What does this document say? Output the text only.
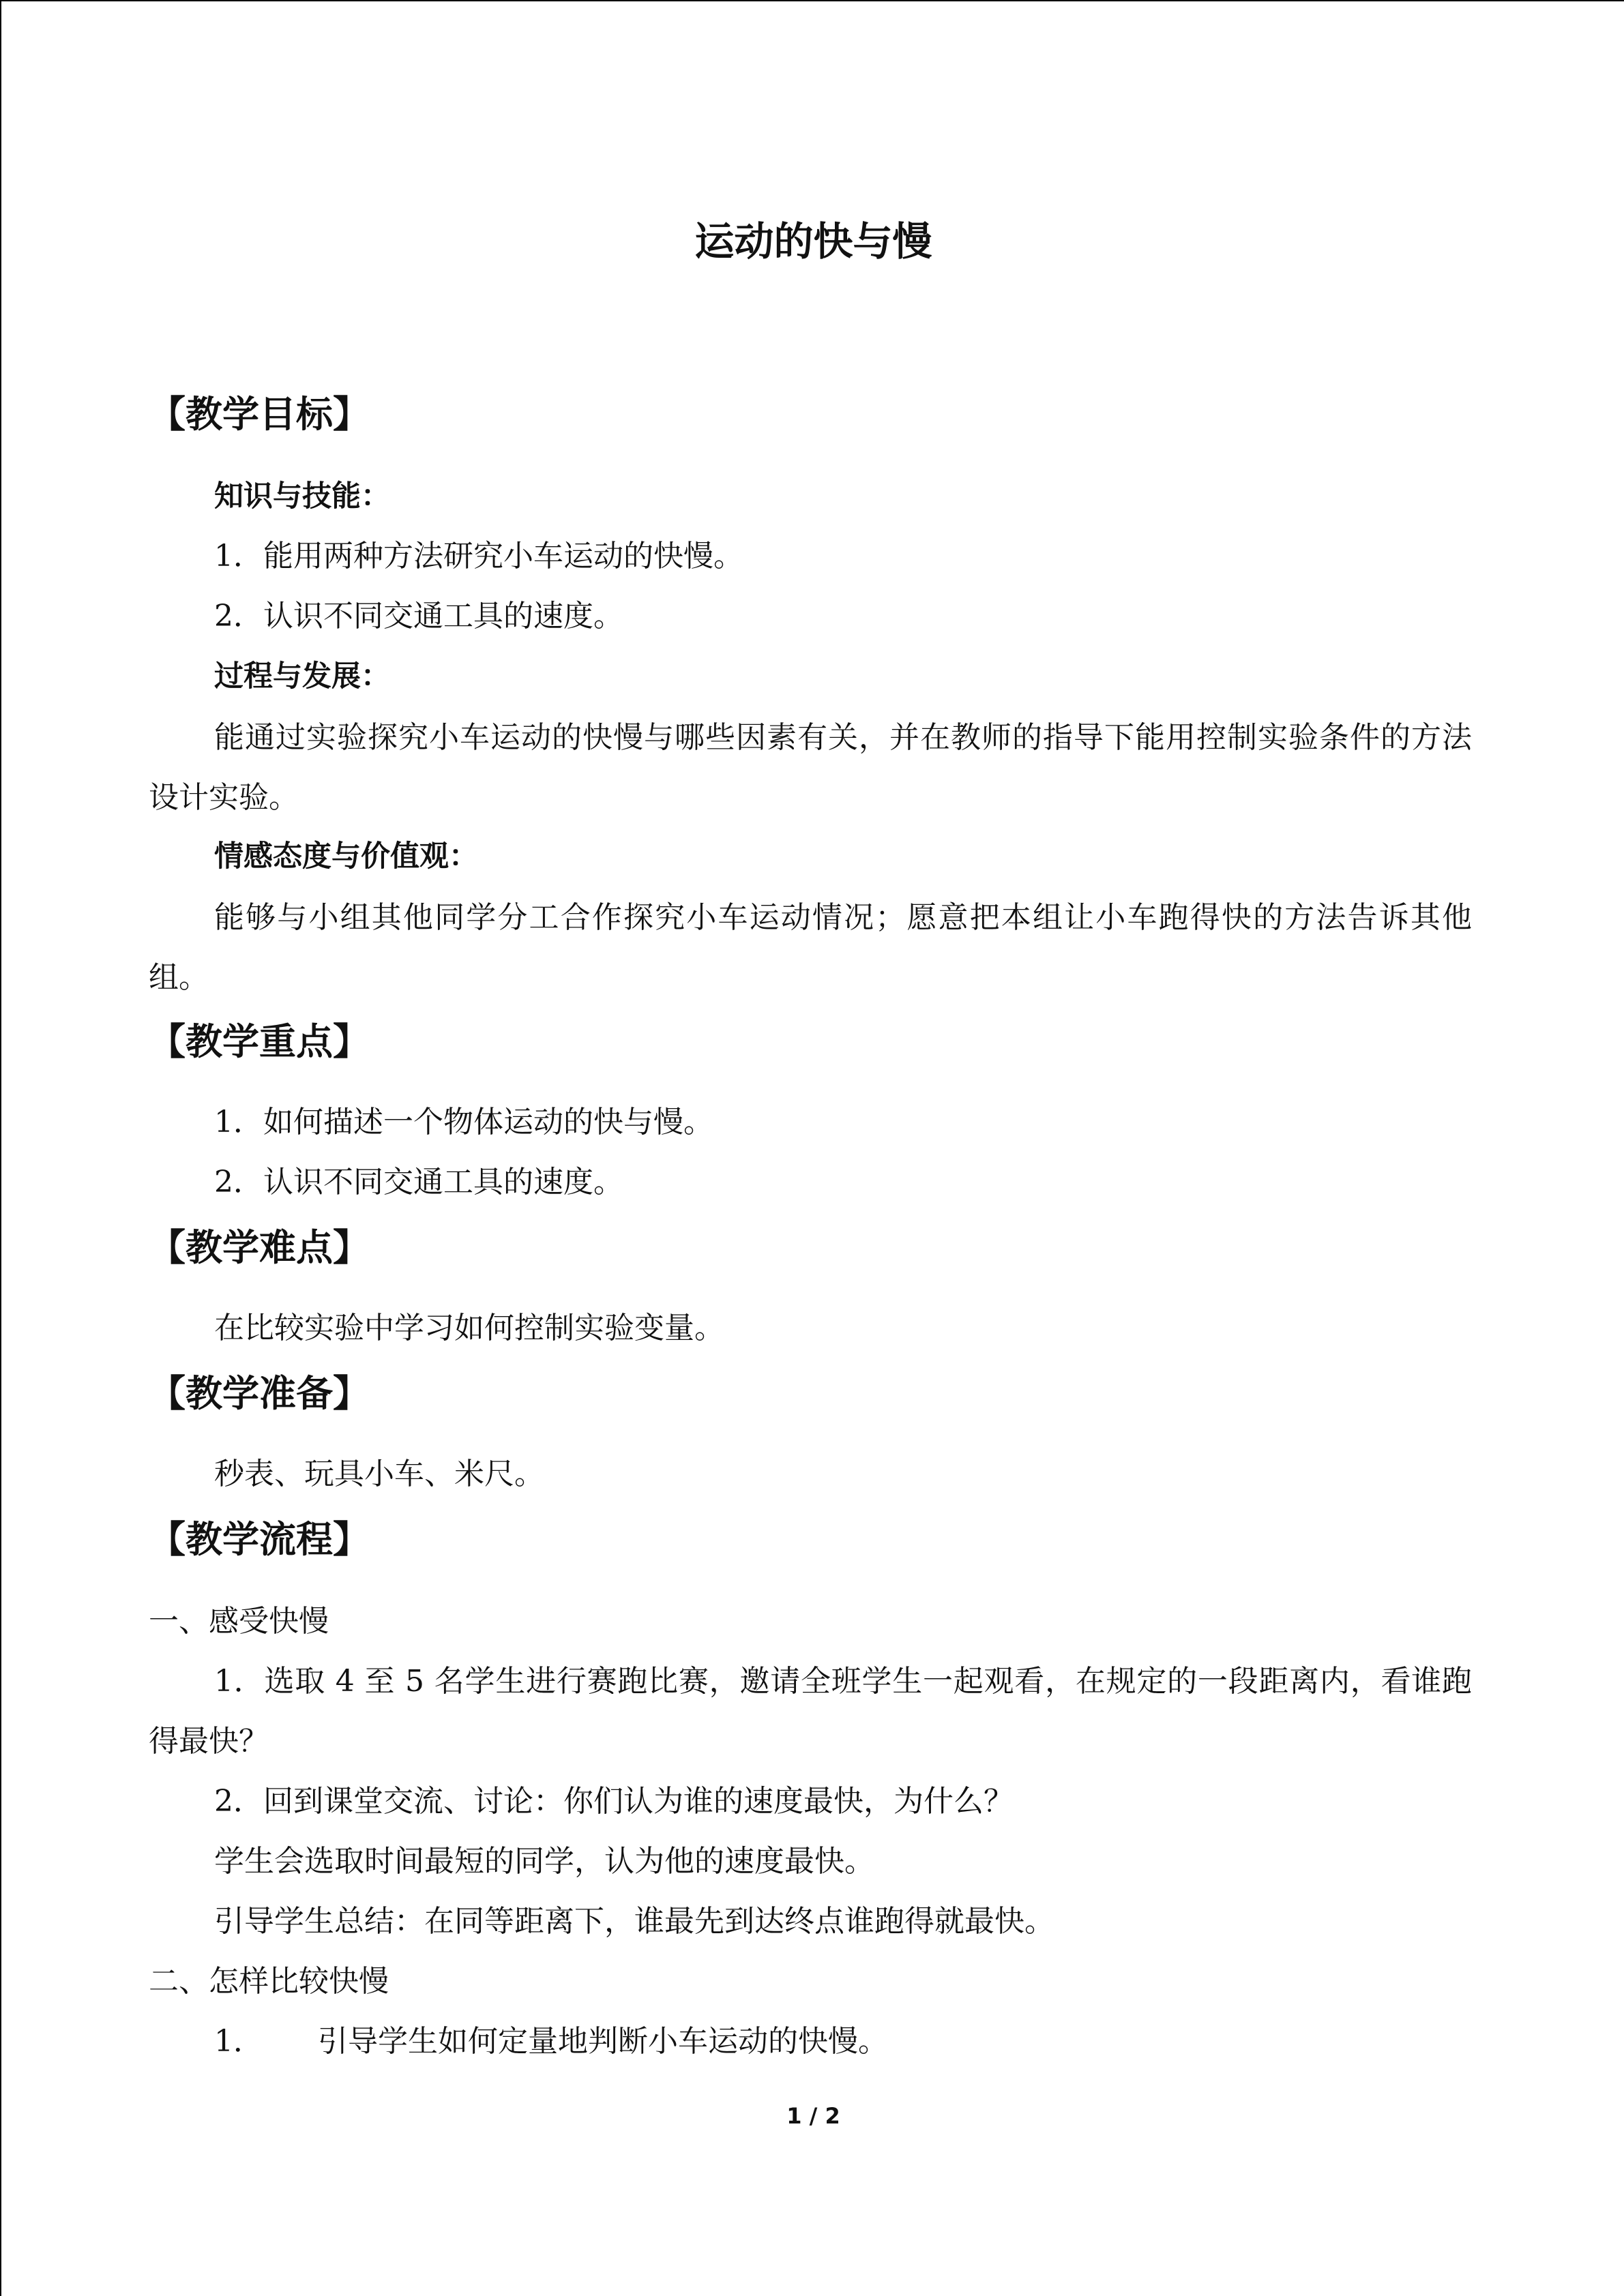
运动的快与慢
【教学目标】
知识与技能：
1．能用两种方法研究小车运动的快慢。
2．认识不同交通工具的速度。
过程与发展：
能通过实验探究小车运动的快慢与哪些因素有关，并在教师的指导下能用控制实验条件的方法设计实验。
情感态度与价值观：
能够与小组其他同学分工合作探究小车运动情况；愿意把本组让小车跑得快的方法告诉其他组。
【教学重点】
1．如何描述一个物体运动的快与慢。
2．认识不同交通工具的速度。
【教学难点】
在比较实验中学习如何控制实验变量。
【教学准备】
秒表、玩具小车、米尺。
【教学流程】
一、感受快慢
1．选取 4 至 5 名学生进行赛跑比赛，邀请全班学生一起观看，在规定的一段距离内，看谁跑得最快？
2．回到课堂交流、讨论：你们认为谁的速度最快，为什么？
学生会选取时间最短的同学，认为他的速度最快。
引导学生总结：在同等距离下，谁最先到达终点谁跑得就最快。
二、怎样比较快慢
1． 引导学生如何定量地判断小车运动的快慢。
1 / 2
